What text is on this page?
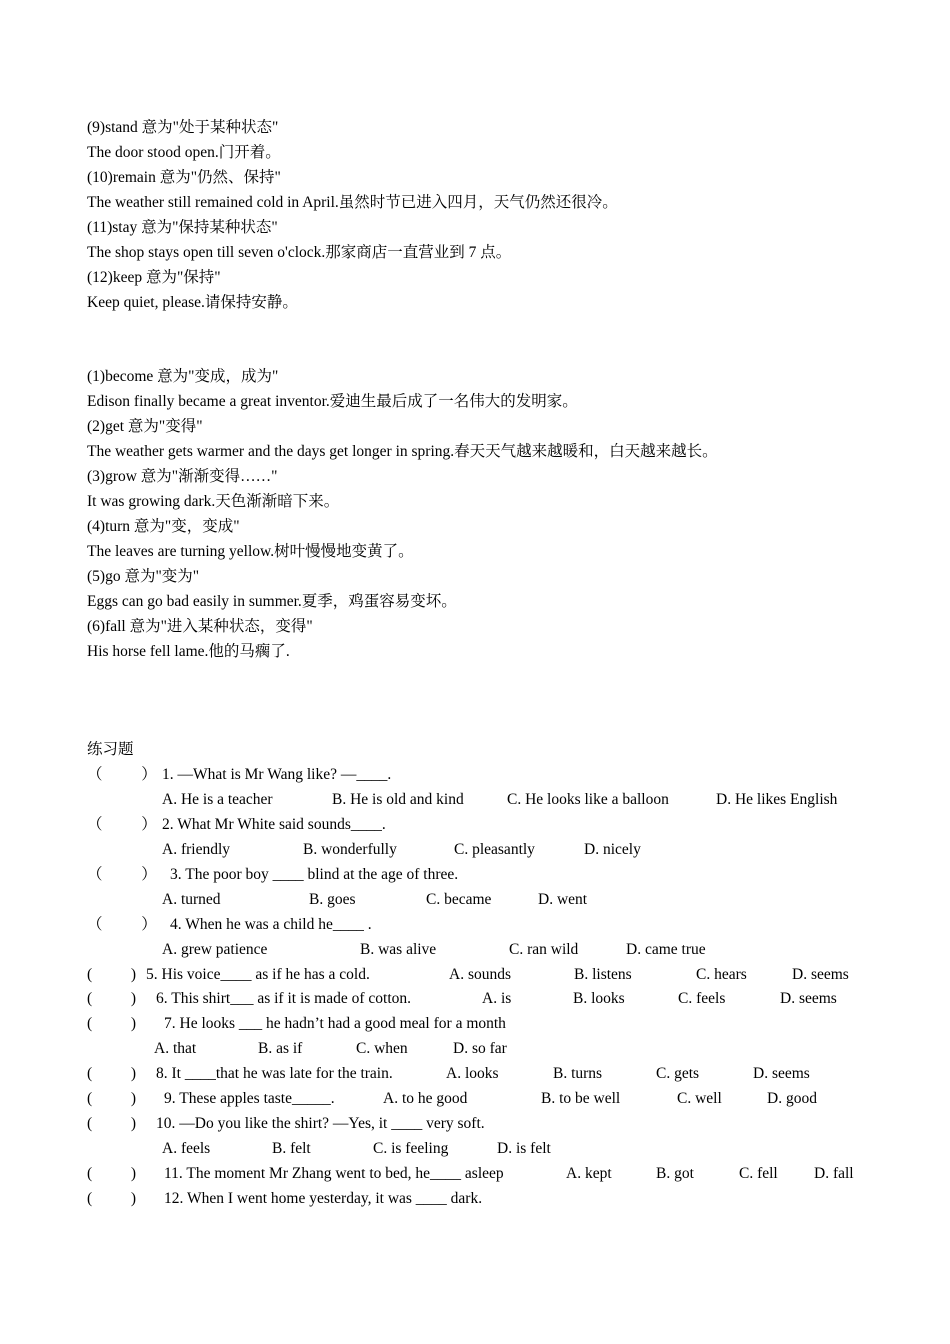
(9)stand 意为"处于某种状态"
The door stood open.门开着。
(10)remain 意为"仍然、保持"
The weather still remained cold in April.虽然时节已进入四月，天气仍然还很冷。
(11)stay 意为"保持某种状态"
The shop stays open till seven o'clock.那家商店一直营业到 7 点。
(12)keep 意为"保持"
Keep quiet, please.请保持安静。
(1)become 意为"变成，成为"
Edison finally became a great inventor.爱迪生最后成了一名伟大的发明家。
(2)get 意为"变得"
The weather gets warmer and the days get longer in spring.春天天气越来越暖和，白天越来越长。
(3)grow 意为"渐渐变得……"
It was growing dark.天色渐渐暗下来。
(4)turn 意为"变，变成"
The leaves are turning yellow.树叶慢慢地变黄了。
(5)go 意为"变为"
Eggs can go bad easily in summer.夏季，鸡蛋容易变坏。
(6)fall 意为"进入某种状态，变得"
His horse fell lame.他的马瘸了.
练习题
（          ） 1. —What is Mr Wang like? —____.
A. He is a teacher	B. He is old and kind	C. He looks like a balloon	D. He likes English
（          ） 2. What Mr White said sounds____.
A. friendly	B. wonderfully	C. pleasantly	D. nicely
（          ） 3. The poor boy ____ blind at the age of three.
A. turned	B. goes	C. became	D. went
（          ） 4. When he was a child he____ .
A. grew patience	B. was alive	C. ran wild	D. came true
(          ) 5. His voice____ as if he has a cold.	A. sounds	B. listens	C. hears	D. seems
(          ) 6. This shirt___ as if it is made of cotton.	A. is	B. looks	C. feels	D. seems
(          ) 7. He looks ___ he hadn’t had a good meal for a month
A. that	B. as if	C. when	D. so far
(          ) 8. It ____that he was late for the train.	A. looks	B. turns	C. gets	D. seems
(          ) 9. These apples taste_____.	A. to he good	B. to be well	C. well	D. good
(          ) 10. —Do you like the shirt? —Yes, it ____ very soft.
A. feels	B. felt	C. is feeling	D. is felt
(          ) 11. The moment Mr Zhang went to bed, he____ asleep	A. kept	B. got	C. fell D. fall
(          ) 12. When I went home yesterday, it was ____ dark.
